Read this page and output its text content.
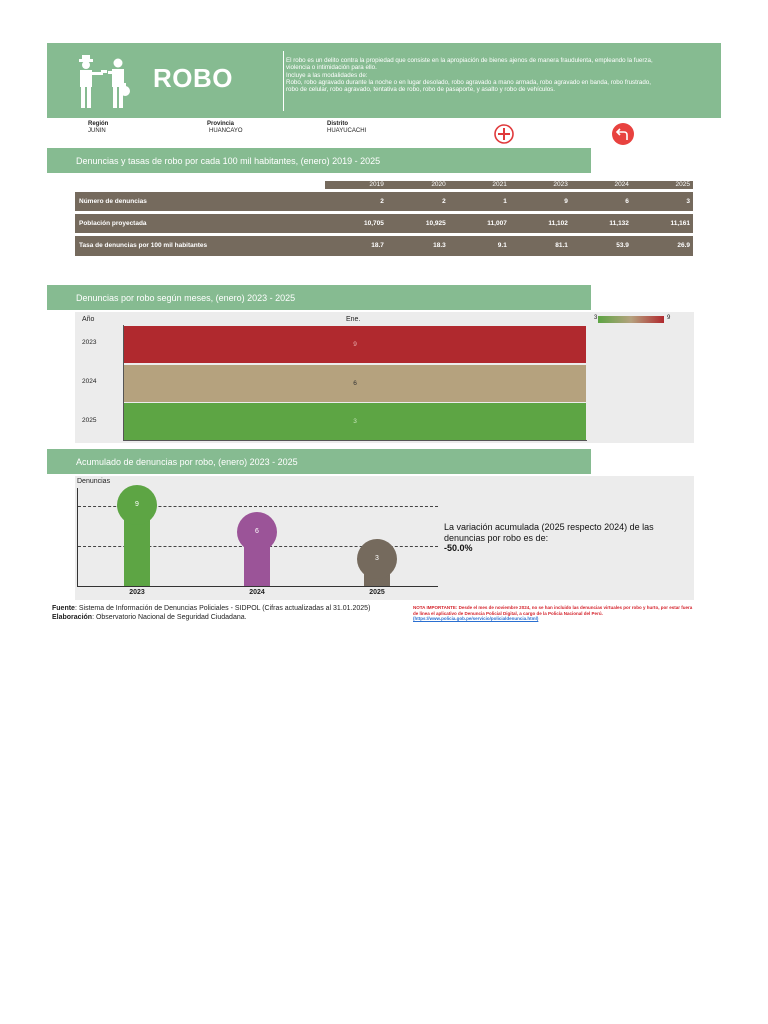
ROBO
El robo es un delito contra la propiedad que consiste en la apropiación de bienes ajenos de manera fraudulenta, empleando la fuerza,
violencia o intimidación para ello.
Incluye a las modalidades de:
Robo, robo agravado durante la noche o en lugar desolado, robo agravado a mano armada, robo agravado en banda, robo frustrado,
robo de celular, robo agravado, tentativa de robo, robo de pasaporte, y asalto y robo de vehículos.
Región
JUNIN
Provincia
HUANCAYO
Distrito
HUAYUCACHI
Denuncias y tasas de robo por cada 100 mil habitantes, (enero) 2019 - 2025
	2019	2020	2021	2023	2024	2025
Número de denuncias	2	2	1	9	6	3
Población proyectada	10,705	10,925	11,007	11,102	11,132	11,161
Tasa de denuncias por 100 mil habitantes	18.7	18.3	9.1	81.1	53.9	26.9
Denuncias por robo según meses, (enero) 2023 - 2025
Año	Ene.	3	9
2023	9
2024	6
2025	3
Acumulado de denuncias por robo, (enero) 2023 - 2025
Denuncias
9
6
3
2023	2024	2025
La variación acumulada (2025 respecto 2024) de las denuncias por robo es de:
-50.0%
Fuente: Sistema de Información de Denuncias Policiales - SIDPOL (Cifras actualizadas al 31.01.2025)
Elaboración: Observatorio Nacional de Seguridad Ciudadana.
NOTA IMPORTANTE: Desde el mes de noviembre 2024, no se han incluido las denuncias virtuales por robo y hurto, por estar fuera de línea el aplicativo de Denuncia Policial Digital, a cargo de la Policía Nacional del Perú.
(https://www.policia.gob.pe/servicio/policialdenuncia.html)
